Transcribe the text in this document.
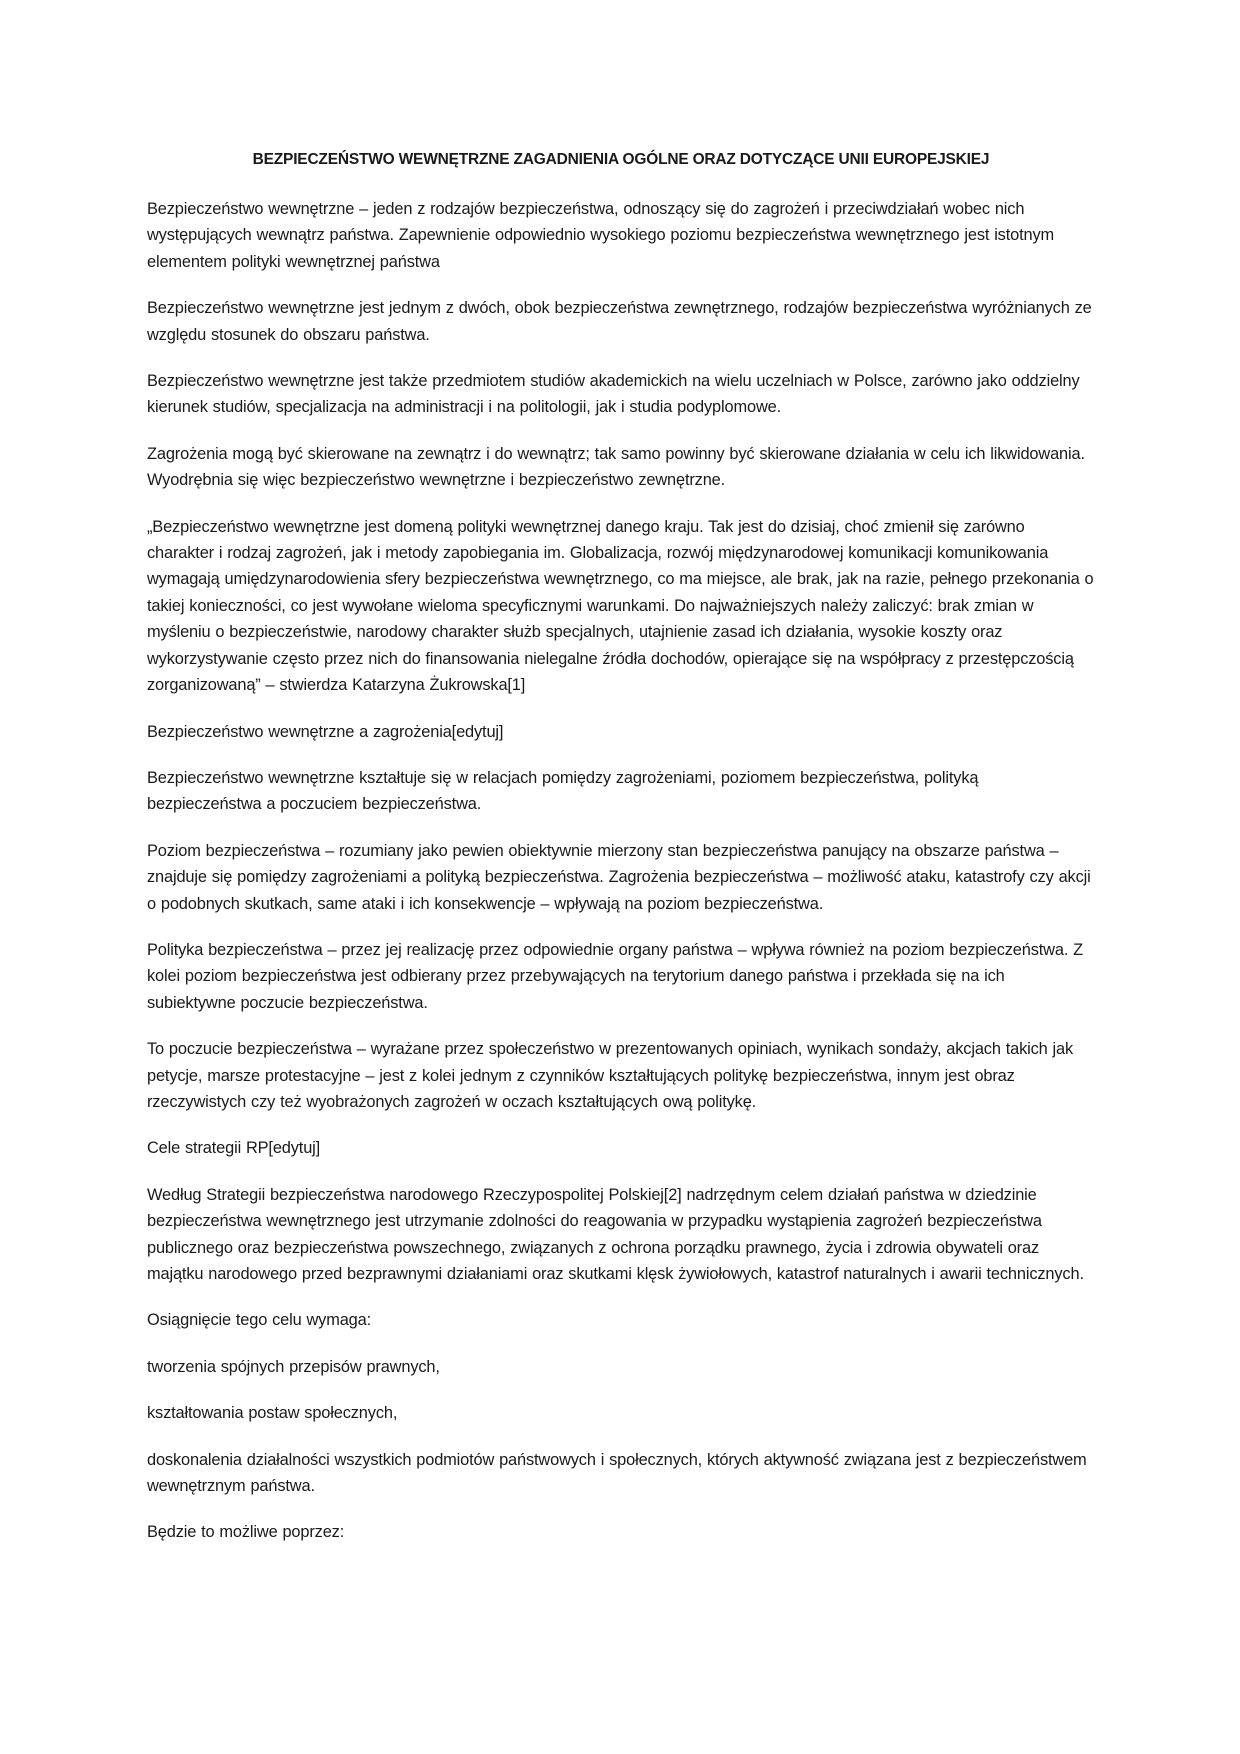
BEZPIECZEŃSTWO WEWNĘTRZNE ZAGADNIENIA OGÓLNE ORAZ DOTYCZĄCE UNII EUROPEJSKIEJ

Bezpieczeństwo wewnętrzne – jeden z rodzajów bezpieczeństwa, odnoszący się do zagrożeń i przeciwdziałań wobec nich występujących wewnątrz państwa. Zapewnienie odpowiednio wysokiego poziomu bezpieczeństwa wewnętrznego jest istotnym elementem polityki wewnętrznej państwa

Bezpieczeństwo wewnętrzne jest jednym z dwóch, obok bezpieczeństwa zewnętrznego, rodzajów bezpieczeństwa wyróżnianych ze względu stosunek do obszaru państwa.

Bezpieczeństwo wewnętrzne jest także przedmiotem studiów akademickich na wielu uczelniach w Polsce, zarówno jako oddzielny kierunek studiów, specjalizacja na administracji i na politologii, jak i studia podyplomowe.

Zagrożenia mogą być skierowane na zewnątrz i do wewnątrz; tak samo powinny być skierowane działania w celu ich likwidowania. Wyodrębnia się więc bezpieczeństwo wewnętrzne i bezpieczeństwo zewnętrzne.

„Bezpieczeństwo wewnętrzne jest domeną polityki wewnętrznej danego kraju. Tak jest do dzisiaj, choć zmienił się zarówno charakter i rodzaj zagrożeń, jak i metody zapobiegania im. Globalizacja, rozwój międzynarodowej komunikacji komunikowania wymagają umiędzynarodowienia sfery bezpieczeństwa wewnętrznego, co ma miejsce, ale brak, jak na razie, pełnego przekonania o takiej konieczności, co jest wywołane wieloma specyficznymi warunkami. Do najważniejszych należy zaliczyć: brak zmian w myśleniu o bezpieczeństwie, narodowy charakter służb specjalnych, utajnienie zasad ich działania, wysokie koszty oraz wykorzystywanie często przez nich do finansowania nielegalne źródła dochodów, opierające się na współpracy z przestępczością zorganizowaną” – stwierdza Katarzyna Żukrowska[1]

Bezpieczeństwo wewnętrzne a zagrożenia[edytuj]

Bezpieczeństwo wewnętrzne kształtuje się w relacjach pomiędzy zagrożeniami, poziomem bezpieczeństwa, polityką bezpieczeństwa a poczuciem bezpieczeństwa.

Poziom bezpieczeństwa – rozumiany jako pewien obiektywnie mierzony stan bezpieczeństwa panujący na obszarze państwa – znajduje się pomiędzy zagrożeniami a polityką bezpieczeństwa. Zagrożenia bezpieczeństwa – możliwość ataku, katastrofy czy akcji o podobnych skutkach, same ataki i ich konsekwencje – wpływają na poziom bezpieczeństwa.

Polityka bezpieczeństwa – przez jej realizację przez odpowiednie organy państwa – wpływa również na poziom bezpieczeństwa. Z kolei poziom bezpieczeństwa jest odbierany przez przebywających na terytorium danego państwa i przekłada się na ich subiektywne poczucie bezpieczeństwa.

To poczucie bezpieczeństwa – wyrażane przez społeczeństwo w prezentowanych opiniach, wynikach sondaży, akcjach takich jak petycje, marsze protestacyjne – jest z kolei jednym z czynników kształtujących politykę bezpieczeństwa, innym jest obraz rzeczywistych czy też wyobrażonych zagrożeń w oczach kształtujących ową politykę.

Cele strategii RP[edytuj]

Według Strategii bezpieczeństwa narodowego Rzeczypospolitej Polskiej[2] nadrzędnym celem działań państwa w dziedzinie bezpieczeństwa wewnętrznego jest utrzymanie zdolności do reagowania w przypadku wystąpienia zagrożeń bezpieczeństwa publicznego oraz bezpieczeństwa powszechnego, związanych z ochrona porządku prawnego, życia i zdrowia obywateli oraz majątku narodowego przed bezprawnymi działaniami oraz skutkami klęsk żywiołowych, katastrof naturalnych i awarii technicznych.

Osiągnięcie tego celu wymaga:

tworzenia spójnych przepisów prawnych,

kształtowania postaw społecznych,

doskonalenia działalności wszystkich podmiotów państwowych i społecznych, których aktywność związana jest z bezpieczeństwem wewnętrznym państwa.

Będzie to możliwe poprzez:
